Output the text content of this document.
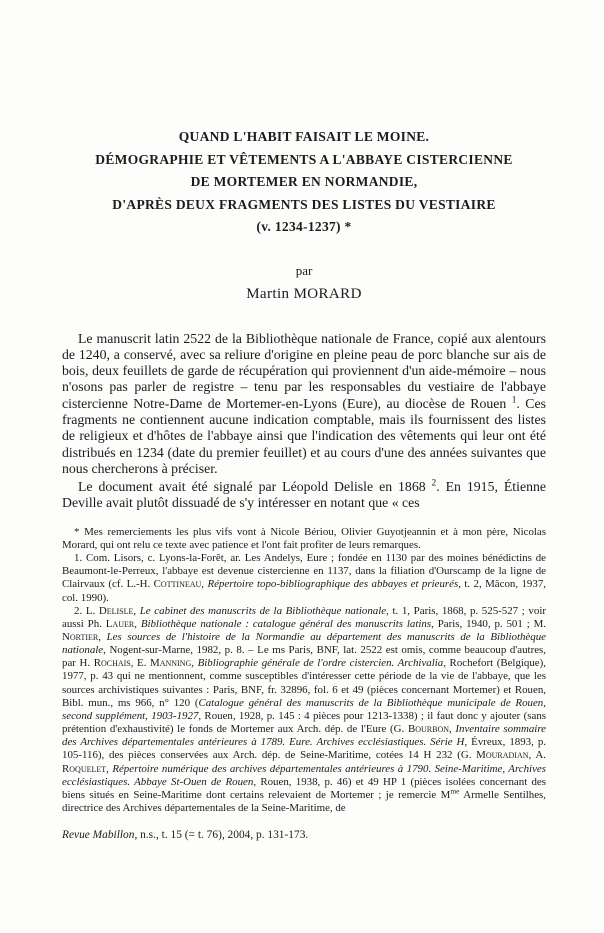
QUAND L'HABIT FAISAIT LE MOINE.
DÉMOGRAPHIE ET VÊTEMENTS A L'ABBAYE CISTERCIENNE
DE MORTEMER EN NORMANDIE,
D'APRÈS DEUX FRAGMENTS DES LISTES DU VESTIAIRE
(v. 1234-1237) *
par
Martin MORARD

Le manuscrit latin 2522 de la Bibliothèque nationale de France, copié aux alentours de 1240, a conservé, avec sa reliure d'origine en pleine peau de porc blanche sur ais de bois, deux feuillets de garde de récupération qui proviennent d'un aide-mémoire – nous n'osons pas parler de registre – tenu par les responsables du vestiaire de l'abbaye cistercienne Notre-Dame de Mortemer-en-Lyons (Eure), au diocèse de Rouen $^1$. Ces fragments ne contiennent aucune indication comptable, mais ils fournissent des listes de religieux et d'hôtes de l'abbaye ainsi que l'indication des vêtements qui leur ont été distribués en 1234 (date du premier feuillet) et au cours d'une des années suivantes que nous chercherons à préciser.

Le document avait été signalé par Léopold Delisle en 1868 $^2$. En 1915, Étienne Deville avait plutôt dissuadé de s'y intéresser en notant que « ces

* Mes remerciements les plus vifs vont à Nicole Bériou, Olivier Guyotjeannin et à mon père, Nicolas Morard, qui ont relu ce texte avec patience et l'ont fait profiter de leurs remarques.

1. Com. Lisors, c. Lyons-la-Forêt, ar. Les Andelys, Eure ; fondée en 1130 par des moines bénédictins de Beaumont-le-Perreux, l'abbaye est devenue cistercienne en 1137, dans la filiation d'Ourscamp de la ligne de Clairvaux (cf. L.-H. Cottineau, Répertoire topo-bibliographique des abbayes et prieurés, t. 2, Mâcon, 1937, col. 1990).

2. L. Delisle, Le cabinet des manuscrits de la Bibliothèque nationale, t. 1, Paris, 1868, p. 525-527 ; voir aussi Ph. Lauer, Bibliothèque nationale : catalogue général des manuscrits latins, Paris, 1940, p. 501 ; M. Nortier, Les sources de l'histoire de la Normandie au département des manuscrits de la Bibliothèque nationale, Nogent-sur-Marne, 1982, p. 8. – Le ms Paris, BNF, lat. 2522 est omis, comme beaucoup d'autres, par H. Rochais, E. Manning, Bibliographie générale de l'ordre cistercien. Archivalia, Rochefort (Belgique), 1977, p. 43 qui ne mentionnent, comme susceptibles d'intéresser cette période de la vie de l'abbaye, que les sources archivistiques suivantes : Paris, BNF, fr. 32896, fol. 6 et 49 (pièces concernant Mortemer) et Rouen, Bibl. mun., ms 966, n° 120 (Catalogue général des manuscrits de la Bibliothèque municipale de Rouen, second supplément, 1903-1927, Rouen, 1928, p. 145 : 4 pièces pour 1213-1338) ; il faut donc y ajouter (sans prétention d'exhaustivité) le fonds de Mortemer aux Arch. dép. de l'Eure (G. Bourbon, Inventaire sommaire des Archives départementales antérieures à 1789. Eure. Archives ecclésiastiques. Série H, Évreux, 1893, p. 105-116), des pièces conservées aux Arch. dép. de Seine-Maritime, cotées 14 H 232 (G. Mouradian, A. Roquelet, Répertoire numérique des archives départementales antérieures à 1790. Seine-Maritime, Archives ecclésiastiques. Abbaye St-Ouen de Rouen, Rouen, 1938, p. 46) et 49 HP 1 (pièces isolées concernant des biens situés en Seine-Maritime dont certains relevaient de Mortemer ; je remercie $M^{me}$ Armelle Sentilhes, directrice des Archives départementales de la Seine-Maritime, de

Revue Mabillon, n.s., t. 15 (= t. 76), 2004, p. 131-173.
